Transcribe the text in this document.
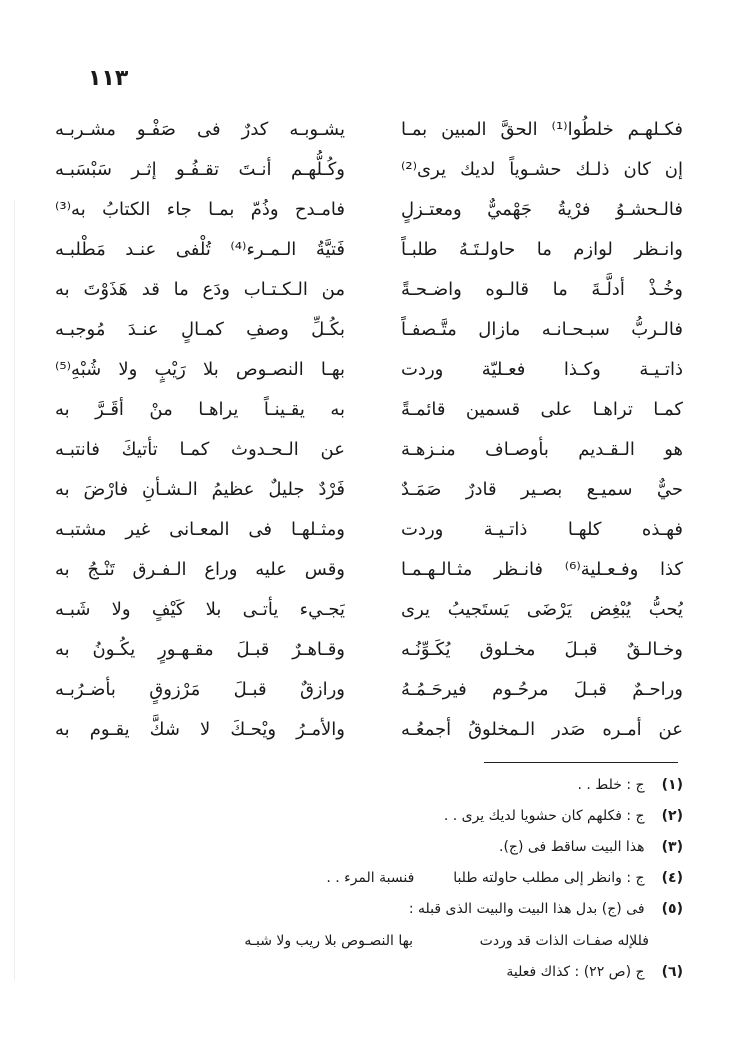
١١٣
فكـلهـم خلطُوا⁽¹⁾ الحقَّ المبين بمـا
يشـوبـه كدرٌ فى صَفْـو مشـربـه
إن كان ذلـك حشـوياً لديك يرى⁽²⁾
وكُـلُّهـم أنـتَ تقـفُـو إثـر سَبْسَبـه
فالـحشـوُ فرْيةُ جَهْميٌّ ومعتـزلٍ
فامـدح وذُمّ بمـا جاء الكتابُ به⁽³⁾
وانـظر لوازم ما حاولـتَـهُ طلبـاً
فَتيَّةُ الـمـرء⁽⁴⁾ تُلْفى عنـد مَطْلبـه
وخُـذْ أدلَّـةَ ما قالـوه واضـحـةً
من الـكـتـاب ودَع ما قد هَذَوْتَ به
فالـربُّ سبـحـانـه مازال متَّـصفـاً
بكُـلِّ وصفِ كمـالٍ عنـدَ مُوجبـه
ذاتـيـة وكـذا فعـليّة وردت
بهـا النصـوص بلا رَيْبٍ ولا شُبْهِ⁽⁵⁾
كمـا تراهـا على قسمين قائمـةً
به يقـينـاً يراهـا منْ أقَـرَّ به
هو الـقـديم بأوصـاف منـزهـة
عن الـحـدوث كمـا تأتيكَ فانتبـه
حيٌّ سميـع بصـير قادرٌ صَمَـدٌ
فَرْدٌ جليلٌ عظيمُ الـشـأنِ فارْضَ به
فهـذه كلهـا ذاتـيـة وردت
ومثـلهـا فى المعـانى غير مشتبـه
كذا وفـعـلية⁽⁶⁾ فانـظر مثـالـهـمـا
وقس عليه وراع الـفـرق تَنْـجُ به
يُحبُّ يُبْغِض يَرْضَى يَستَجيبُ يرى
يَجـيء يأتـى بلا كَيْفٍ ولا شَبـه
وخـالـقٌ قبـلَ مخـلوق يُكَـوِّنُـه
وقـاهـرٌ قبـلَ مقـهـورٍ يكُـونُ به
وراحـمٌ قبـلَ مرحُـوم فيرحَـمُـهُ
ورازقٌ قبـلَ مَرْزوقٍ بأضـرُبـه
عن أمـره صَدر الـمخلوقُ أجمعُـه
والأمـرُ ويْحـكَ لا شكَّ يقـوم به
(١) ج : خلط . .
(٢) ج : فكلهم كان حشويا لديك يرى . .
(٣) هذا البيت ساقط فى (ج).
(٤) ج : وانظر إلى مطلب حاولته طلبا  فنسبة المرء . .
(٥) فى (ج) بدل هذا البيت والبيت الذى قبله :
فللإله صفـات الذات قد وردت
بها النصـوص بلا ريب ولا شبـه
(٦) ج (ص ٢٢) : كذاك فعلية
